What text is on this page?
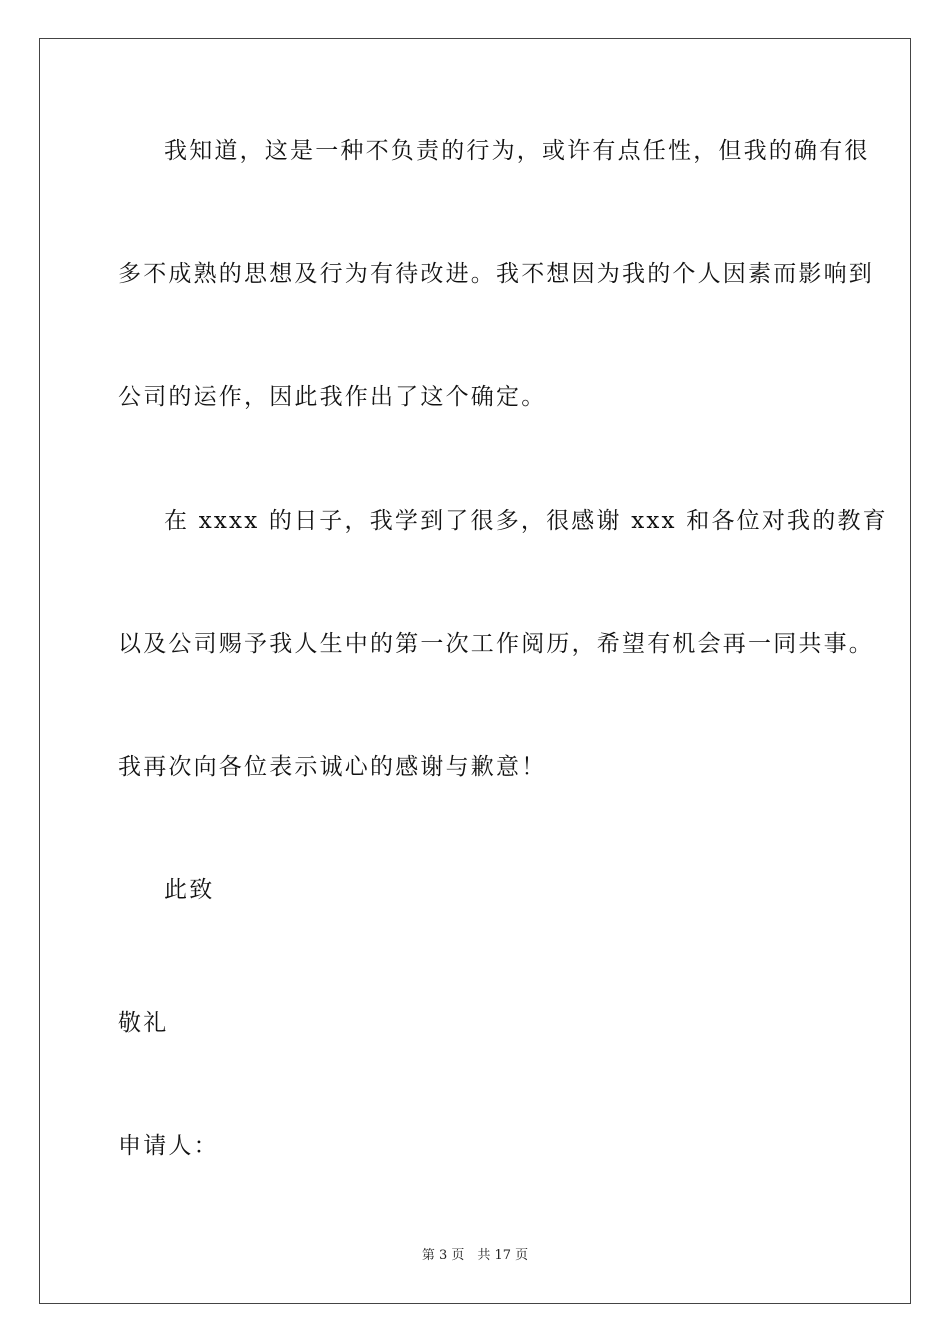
我知道，这是一种不负责的行为，或许有点任性，但我的确有很
多不成熟的思想及行为有待改进。我不想因为我的个人因素而影响到
公司的运作，因此我作出了这个确定。
在 xxxx 的日子，我学到了很多，很感谢 xxx 和各位对我的教育
以及公司赐予我人生中的第一次工作阅历，希望有机会再一同共事。
我再次向各位表示诚心的感谢与歉意！
此致
敬礼
申请人：
第 3 页　共 17 页
